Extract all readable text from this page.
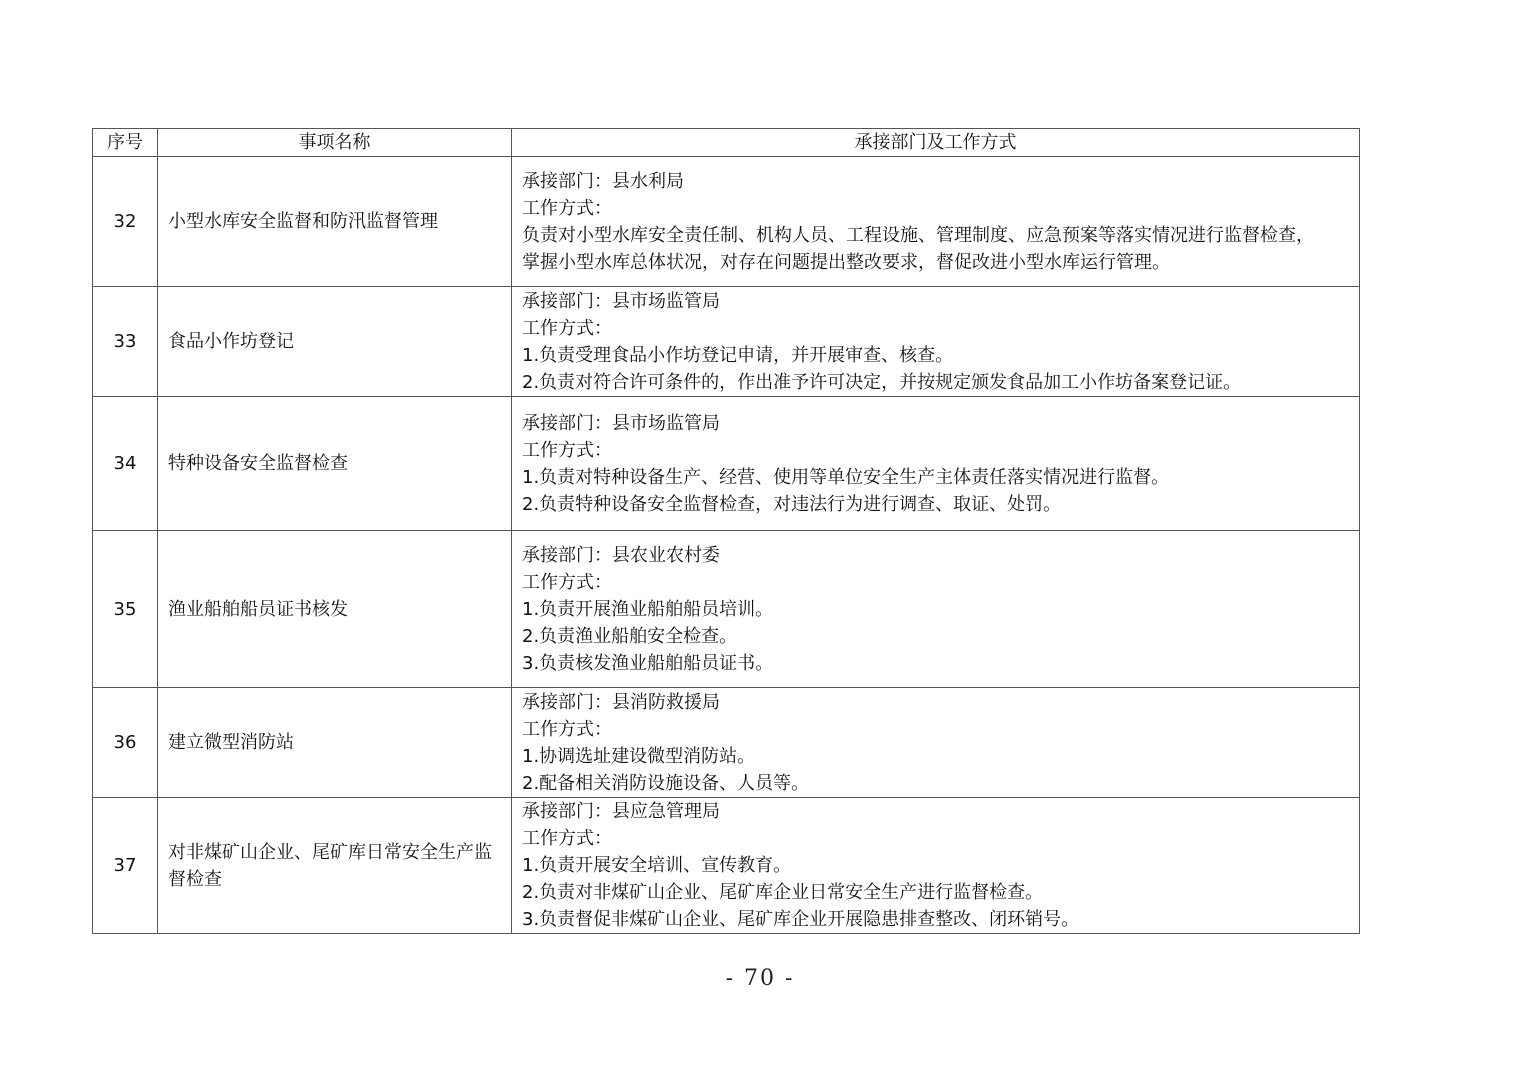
序号	事项名称	承接部门及工作方式
32	小型水库安全监督和防汛监督管理	承接部门：县水利局
工作方式：
负责对小型水库安全责任制、机构人员、工程设施、管理制度、应急预案等落实情况进行监督检查，
掌握小型水库总体状况，对存在问题提出整改要求，督促改进小型水库运行管理。

33	食品小作坊登记	承接部门：县市场监管局
工作方式：
1.负责受理食品小作坊登记申请，并开展审查、核查。
2.负责对符合许可条件的，作出准予许可决定，并按规定颁发食品加工小作坊备案登记证。

34	特种设备安全监督检查	承接部门：县市场监管局
工作方式：
1.负责对特种设备生产、经营、使用等单位安全生产主体责任落实情况进行监督。
2.负责特种设备安全监督检查，对违法行为进行调查、取证、处罚。

35	渔业船舶船员证书核发	承接部门：县农业农村委
工作方式：
1.负责开展渔业船舶船员培训。
2.负责渔业船舶安全检查。
3.负责核发渔业船舶船员证书。

36	建立微型消防站	承接部门：县消防救援局
工作方式：
1.协调选址建设微型消防站。
2.配备相关消防设施设备、人员等。

37	对非煤矿山企业、尾矿库日常安全生产监督检查	承接部门：县应急管理局
工作方式：
1.负责开展安全培训、宣传教育。
2.负责对非煤矿山企业、尾矿库企业日常安全生产进行监督检查。
3.负责督促非煤矿山企业、尾矿库企业开展隐患排查整改、闭环销号。
- 70 -
